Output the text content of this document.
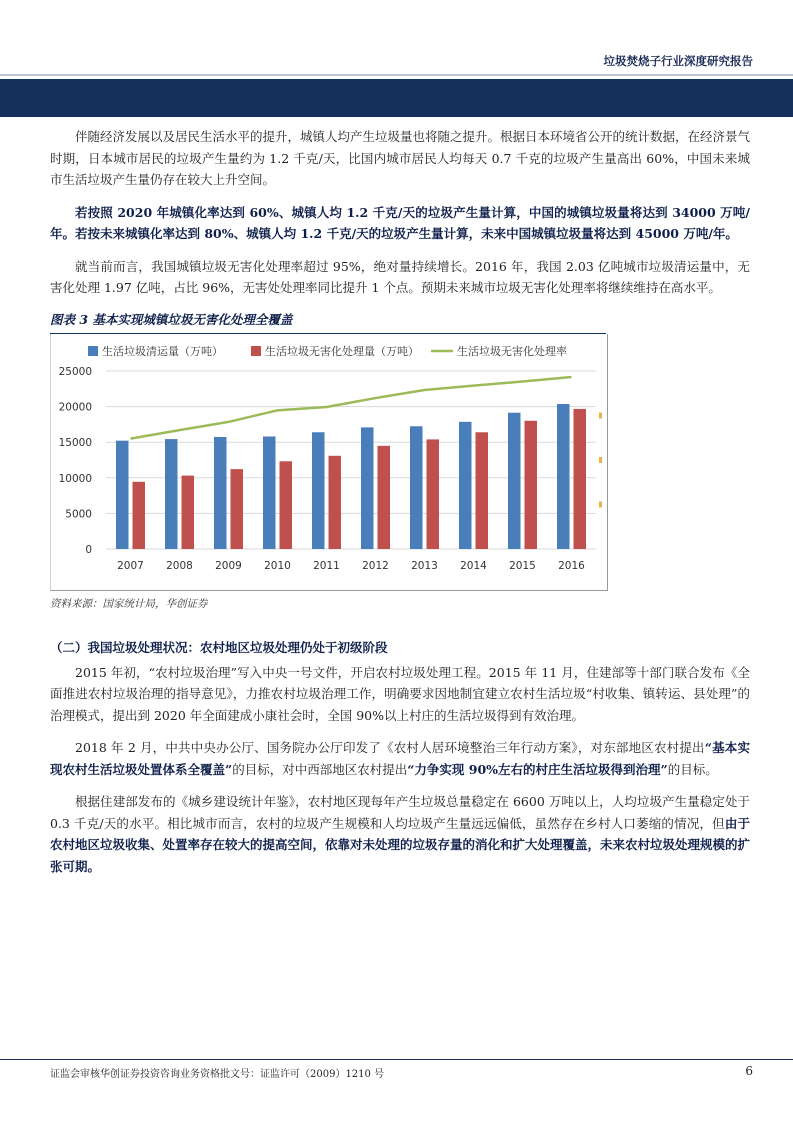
垃圾焚烧子行业深度研究报告

伴随经济发展以及居民生活水平的提升，城镇人均产生垃圾量也将随之提升。根据日本环境省公开的统计数据，在经济景气时期，日本城市居民的垃圾产生量约为 1.2 千克/天，比国内城市居民人均每天 0.7 千克的垃圾产生量高出 60%，中国未来城市生活垃圾产生量仍存在较大上升空间。

若按照 2020 年城镇化率达到 60%、城镇人均 1.2 千克/天的垃圾产生量计算，中国的城镇垃圾量将达到 34000 万吨/年。若按未来城镇化率达到 80%、城镇人均 1.2 千克/天的垃圾产生量计算，未来中国城镇垃圾量将达到 45000 万吨/年。

就当前而言，我国城镇垃圾无害化处理率超过 95%，绝对量持续增长。2016 年，我国 2.03 亿吨城市垃圾清运量中，无害化处理 1.97 亿吨，占比 96%，无害处处理率同比提升 1 个点。预期未来城市垃圾无害化处理率将继续维持在高水平。

图表 3 基本实现城镇垃圾无害化处理全覆盖
25000
20000
15000
10000
5000
0
2007 2008 2009 2010 2011 2012 2013 2014 2015 2016
生活垃圾清运量（万吨）	生活垃圾无害化处理量（万吨）	生活垃圾无害化处理率
资料来源：国家统计局，华创证券
（二）我国垃圾处理状况：农村地区垃圾处理仍处于初级阶段

2015 年初，“农村垃圾治理”写入中央一号文件，开启农村垃圾处理工程。2015 年 11 月，住建部等十部门联合发布《全面推进农村垃圾治理的指导意见》，力推农村垃圾治理工作，明确要求因地制宜建立农村生活垃圾“村收集、镇转运、县处理”的治理模式，提出到 2020 年全面建成小康社会时，全国 90%以上村庄的生活垃圾得到有效治理。

2018 年 2 月，中共中央办公厅、国务院办公厅印发了《农村人居环境整治三年行动方案》，对东部地区农村提出“基本实现农村生活垃圾处置体系全覆盖”的目标，对中西部地区农村提出“力争实现 90%左右的村庄生活垃圾得到治理”的目标。

根据住建部发布的《城乡建设统计年鉴》，农村地区现每年产生垃圾总量稳定在 6600 万吨以上，人均垃圾产生量稳定处于 0.3 千克/天的水平。相比城市而言，农村的垃圾产生规模和人均垃圾产生量远远偏低，虽然存在乡村人口萎缩的情况，但由于农村地区垃圾收集、处置率存在较大的提高空间，依靠对未处理的垃圾存量的消化和扩大处理覆盖，未来农村垃圾处理规模的扩张可期。

证监会审核华创证券投资咨询业务资格批文号：证监许可（2009）1210 号	6
